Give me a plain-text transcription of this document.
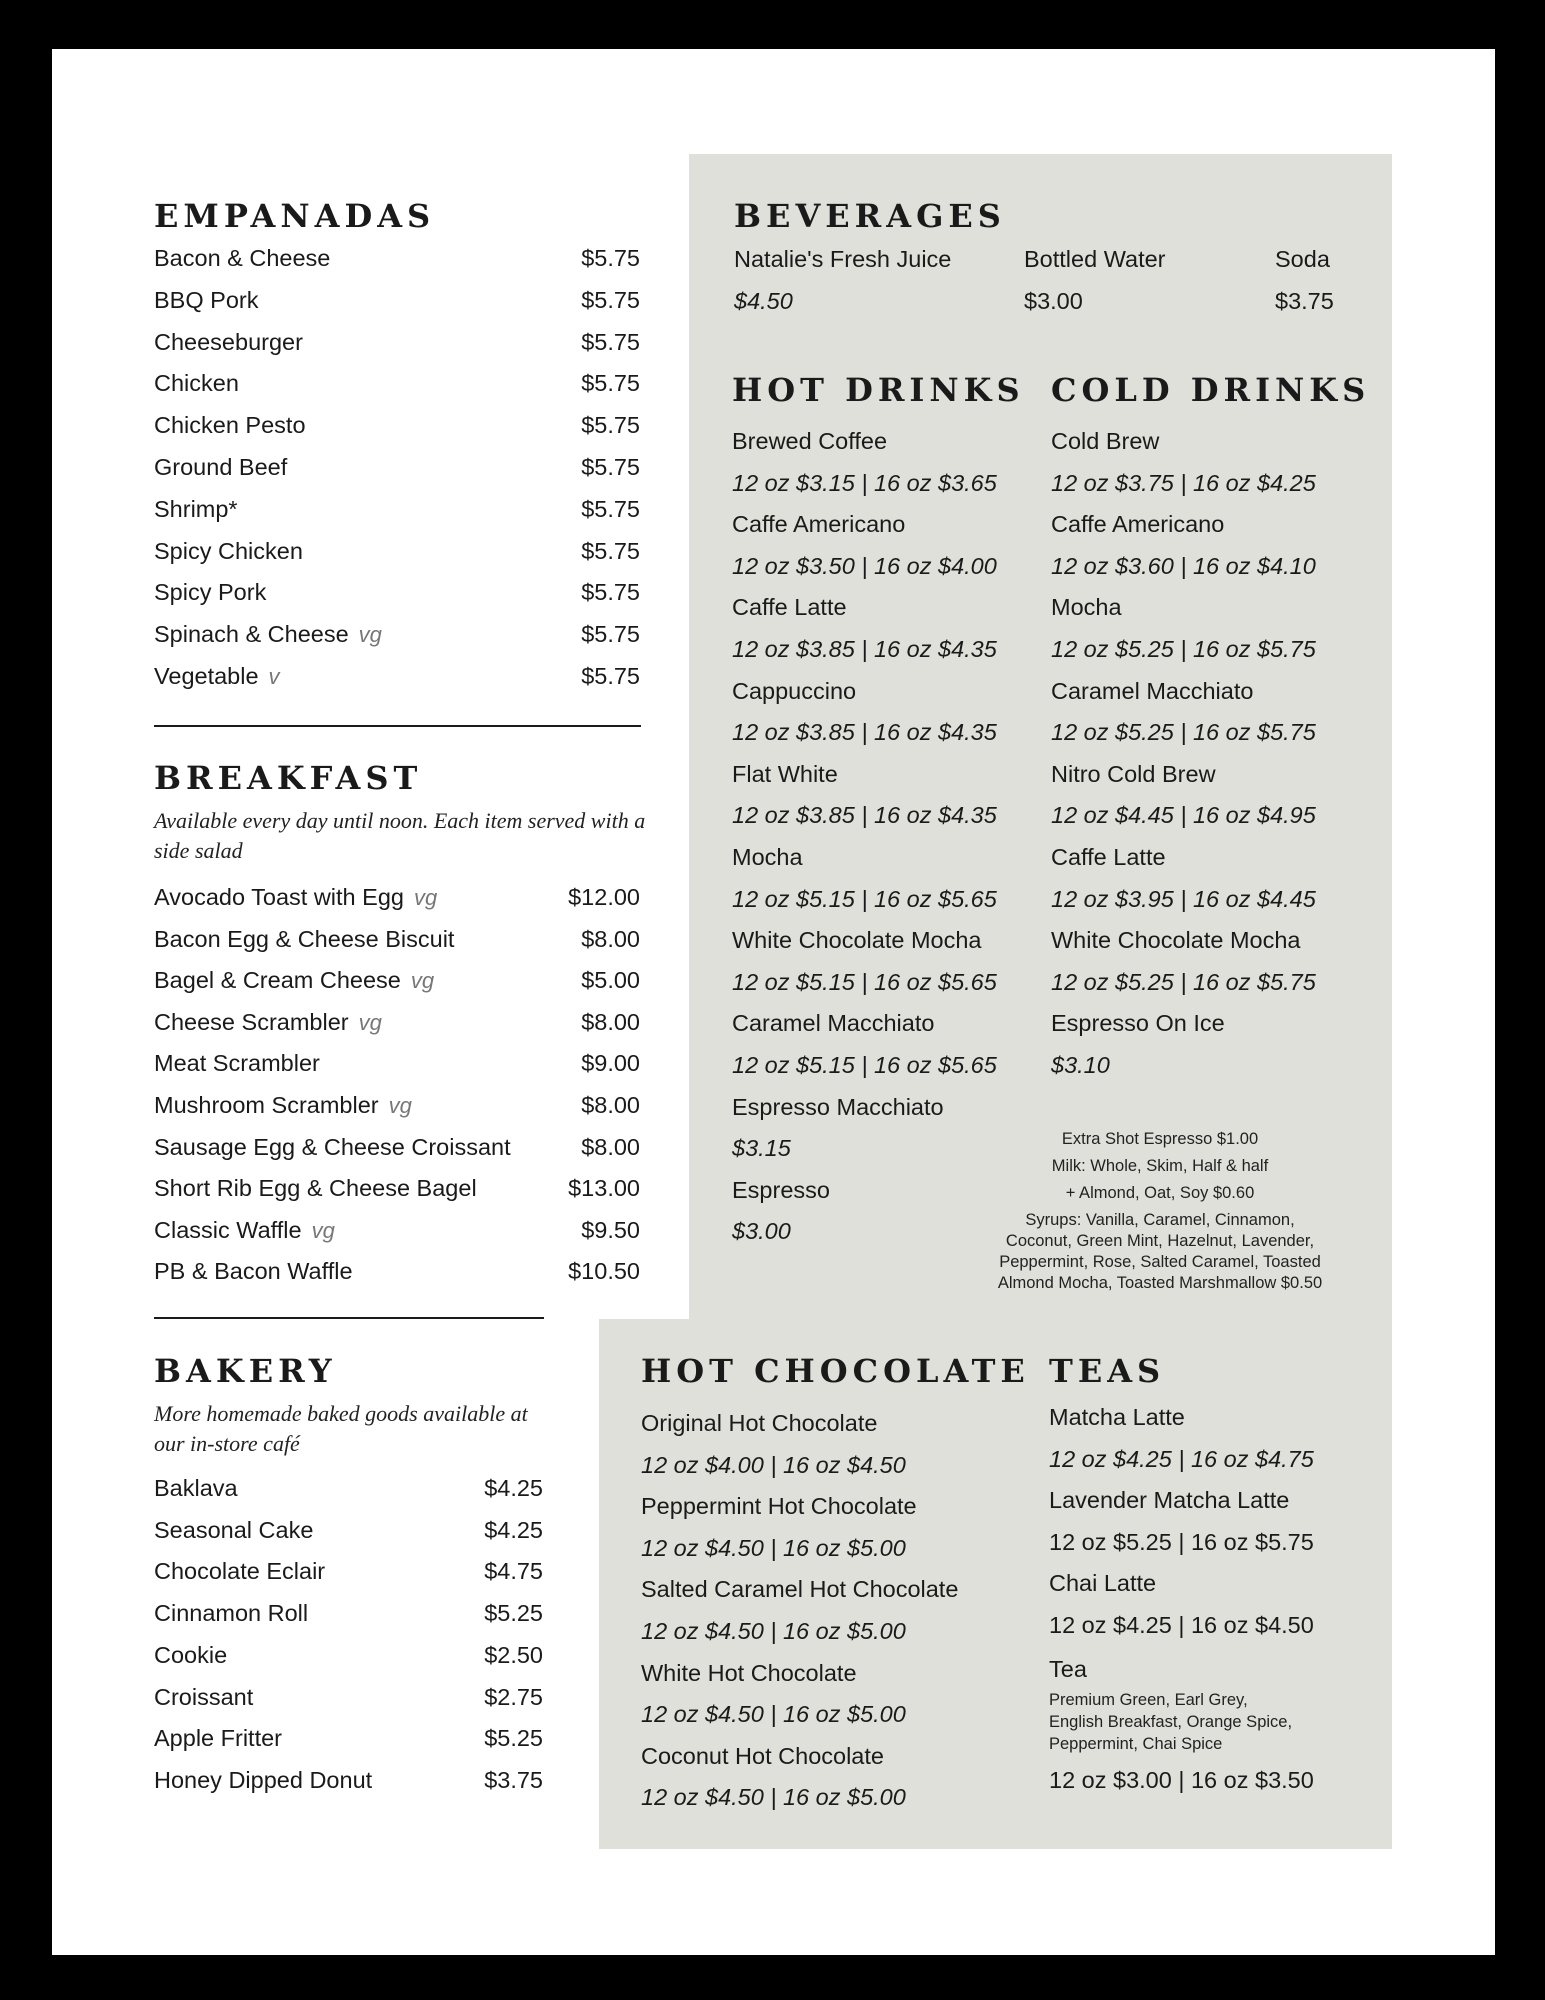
EMPANADAS
Bacon & Cheese	$5.75
BBQ Pork	$5.75
Cheeseburger	$5.75
Chicken	$5.75
Chicken Pesto	$5.75
Ground Beef	$5.75
Shrimp*	$5.75
Spicy Chicken	$5.75
Spicy Pork	$5.75
Spinach & Cheese vg	$5.75
Vegetable v	$5.75
BREAKFAST
Available every day until noon. Each item served with a side salad
Avocado Toast with Egg vg	$12.00
Bacon Egg & Cheese Biscuit	$8.00
Bagel & Cream Cheese vg	$5.00
Cheese Scrambler vg	$8.00
Meat Scrambler	$9.00
Mushroom Scrambler vg	$8.00
Sausage Egg & Cheese Croissant	$8.00
Short Rib Egg & Cheese Bagel	$13.00
Classic Waffle vg	$9.50
PB & Bacon Waffle	$10.50
BAKERY
More homemade baked goods available at our in-store café
Baklava	$4.25
Seasonal Cake	$4.25
Chocolate Eclair	$4.75
Cinnamon Roll	$5.25
Cookie	$2.50
Croissant	$2.75
Apple Fritter	$5.25
Honey Dipped Donut	$3.75
BEVERAGES
Natalie's Fresh Juice
$4.50
Bottled Water
$3.00
Soda
$3.75
HOT DRINKS
Brewed Coffee
12 oz $3.15 | 16 oz $3.65
Caffe Americano
12 oz $3.50 | 16 oz $4.00
Caffe Latte
12 oz $3.85 | 16 oz $4.35
Cappuccino
12 oz $3.85 | 16 oz $4.35
Flat White
12 oz $3.85 | 16 oz $4.35
Mocha
12 oz $5.15 | 16 oz $5.65
White Chocolate Mocha
12 oz $5.15 | 16 oz $5.65
Caramel Macchiato
12 oz $5.15 | 16 oz $5.65
Espresso Macchiato
$3.15
Espresso
$3.00
COLD DRINKS
Cold Brew
12 oz $3.75 | 16 oz $4.25
Caffe Americano
12 oz $3.60 | 16 oz $4.10
Mocha
12 oz $5.25 | 16 oz $5.75
Caramel Macchiato
12 oz $5.25 | 16 oz $5.75
Nitro Cold Brew
12 oz $4.45 | 16 oz $4.95
Caffe Latte
12 oz $3.95 | 16 oz $4.45
White Chocolate Mocha
12 oz $5.25 | 16 oz $5.75
Espresso On Ice
$3.10
Extra Shot Espresso $1.00
Milk: Whole, Skim, Half & half
+ Almond, Oat, Soy $0.60
Syrups: Vanilla, Caramel, Cinnamon,
Coconut, Green Mint, Hazelnut, Lavender,
Peppermint, Rose, Salted Caramel, Toasted
Almond Mocha, Toasted Marshmallow $0.50
HOT CHOCOLATE
Original Hot Chocolate
12 oz $4.00 | 16 oz $4.50
Peppermint Hot Chocolate
12 oz $4.50 | 16 oz $5.00
Salted Caramel Hot Chocolate
12 oz $4.50 | 16 oz $5.00
White Hot Chocolate
12 oz $4.50 | 16 oz $5.00
Coconut Hot Chocolate
12 oz $4.50 | 16 oz $5.00
TEAS
Matcha Latte
12 oz $4.25 | 16 oz $4.75
Lavender Matcha Latte
12 oz $5.25 | 16 oz $5.75
Chai Latte
12 oz $4.25 | 16 oz $4.50
Tea
Premium Green, Earl Grey,
English Breakfast, Orange Spice,
Peppermint, Chai Spice
12 oz $3.00 | 16 oz $3.50
